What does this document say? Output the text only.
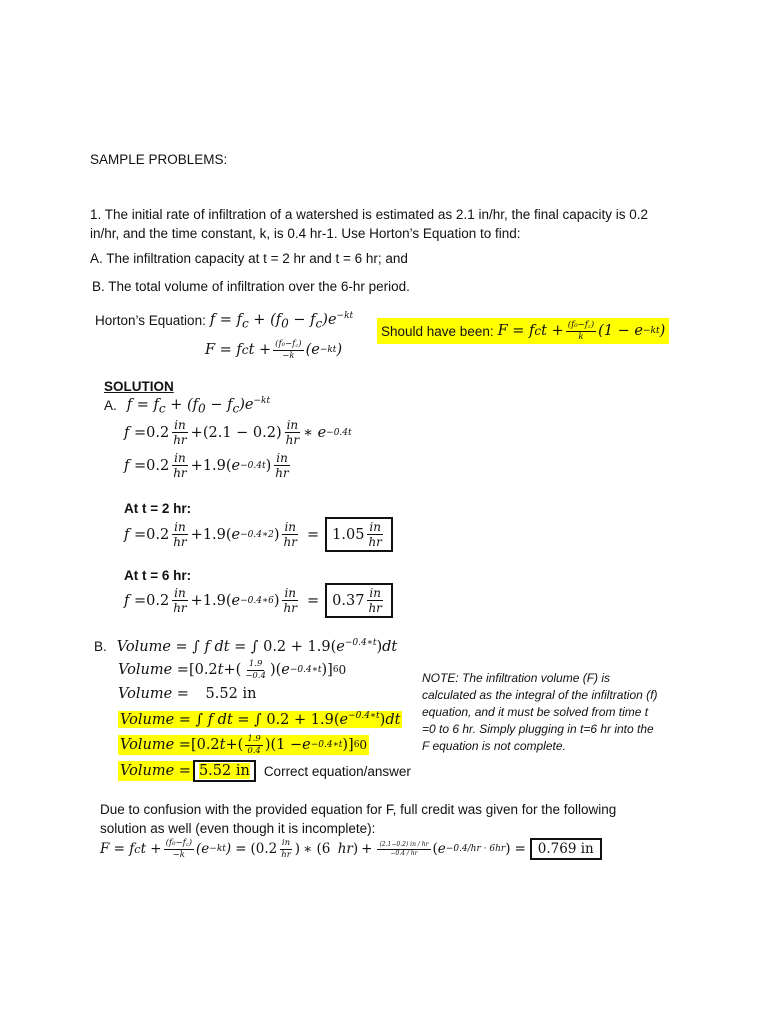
SAMPLE PROBLEMS:
1. The initial rate of infiltration of a watershed is estimated as 2.1 in/hr, the final capacity is 0.2 in/hr, and the time constant, k, is 0.4 hr-1. Use Horton’s Equation to find:
A. The infiltration capacity at t = 2 hr and t = 6 hr; and
B. The total volume of infiltration over the 6-hr period.
Horton’s Equation: $f = f_c + (f_0 - f_c)e^{-kt}$
Should have been: F = f c $t + \frac{\text{(f₀−f꜀)}}{k} (1 - e -kt$ )
F = f c $t + \frac{\text{(f₀−f꜀)}}{-k} (e -kt$ )
SOLUTION
A. $f = f_c + (f_0 - f_c)e^{-kt}$
$f = 0.2 \frac{in}{hr} + (2.1 - 0.2) \frac{in}{hr}$ ∗ e −0.4t
$f = 0.2 \frac{in}{hr} + 1.9$( e −0.4t ) $\frac{in}{hr}$
At t = 2 hr:
$f = 0.2 \frac{in}{hr} + 1.9$( e −0.4∗2 ) $\frac{in}{hr} = 1.05 \frac{in}{hr}$
At t = 6 hr:
$f = 0.2 \frac{in}{hr} + 1.9$( e −0.4∗6 ) $\frac{in}{hr} = 0.37 \frac{in}{hr}$
B. Volume = ∫ f dt = ∫ $0.2 + 1.9(e^{-0.4∗t})dt$
Volume = [0.2 t + ( $\frac{1.9}{-0.4}$ ) ( e −0.4∗t )] 6 0
Volume = 5.52 in
Volume = ∫ f dt = ∫ $0.2 + 1.9(e^{-0.4∗t})dt$
Volume = [0.2 t + ( $\frac{1.9}{0.4}$ ) (1 − e −0.4∗t )] 6 0
Volume = 5.52 in Correct equation/answer
NOTE: The infiltration volume (F) is calculated as the integral of the infiltration (f) equation, and it must be solved from time t =0 to 6 hr. Simply plugging in t=6 hr into the F equation is not complete.
Due to confusion with the provided equation for F, full credit was given for the following solution as well (even though it is incomplete):
F = f c $t + \frac{\text{(f₀−f꜀)}}{-k} (e -kt$ ) = ($0.2 \frac{in}{hr}$ ) ∗ (6 hr ) + $\frac{(2.1-0.2) in / hr}{-0.4 / hr}$ ( e −0.4/hr · 6hr ) = 0.769 in
